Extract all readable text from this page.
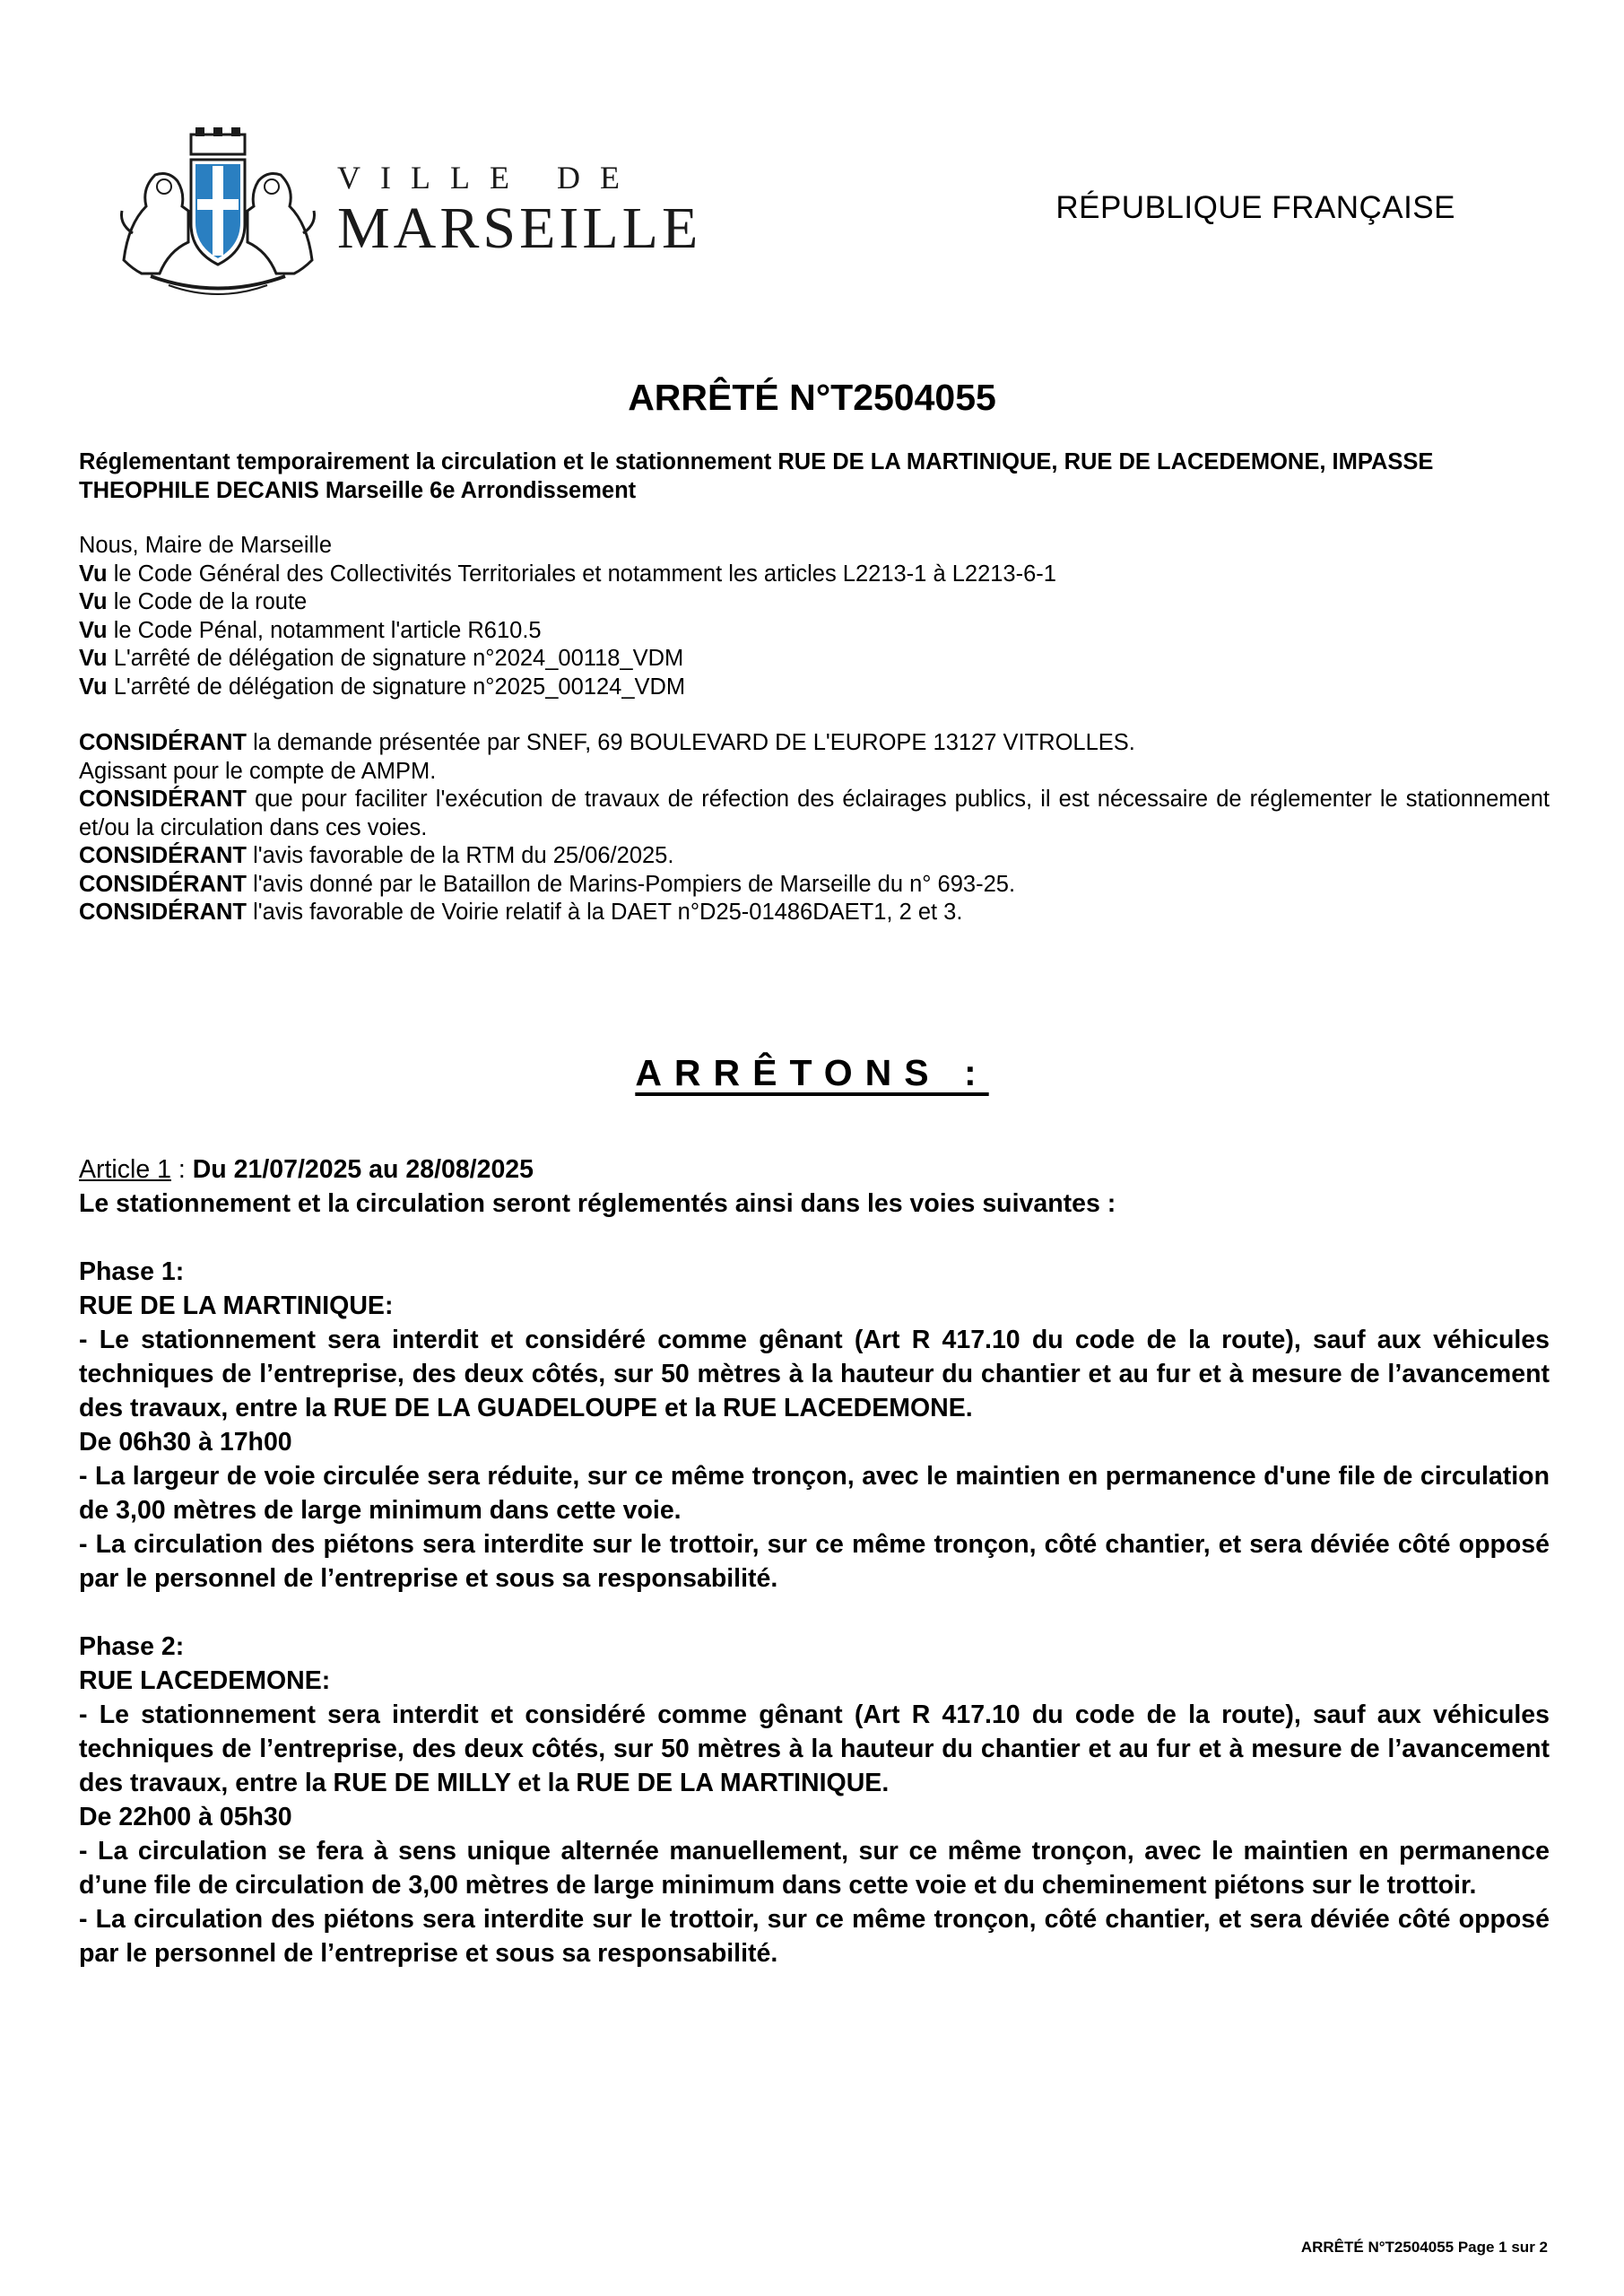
VILLE DE
MARSEILLE	RÉPUBLIQUE FRANÇAISE
ARRÊTÉ N°T2504055
Réglementant temporairement la circulation et le stationnement RUE DE LA MARTINIQUE, RUE DE LACEDEMONE, IMPASSE THEOPHILE DECANIS Marseille 6e Arrondissement

Nous, Maire de Marseille

Vu le Code Général des Collectivités Territoriales et notamment les articles L2213-1 à L2213-6-1

Vu le Code de la route

Vu le Code Pénal, notamment l'article R610.5

Vu L'arrêté de délégation de signature n°2024_00118_VDM

Vu L'arrêté de délégation de signature n°2025_00124_VDM

CONSIDÉRANT la demande présentée par SNEF, 69 BOULEVARD DE L'EUROPE 13127 VITROLLES.

Agissant pour le compte de AMPM.

CONSIDÉRANT que pour faciliter l'exécution de travaux de réfection des éclairages publics, il est nécessaire de réglementer le stationnement et/ou la circulation dans ces voies.

CONSIDÉRANT l'avis favorable de la RTM du 25/06/2025.

CONSIDÉRANT l'avis donné par le Bataillon de Marins-Pompiers de Marseille du n° 693-25.

CONSIDÉRANT l'avis favorable de Voirie relatif à la DAET n°D25-01486DAET1, 2 et 3.

ARRÊTONS :

Article 1 : Du 21/07/2025 au 28/08/2025

Le stationnement et la circulation seront réglementés ainsi dans les voies suivantes :

Phase 1:

RUE DE LA MARTINIQUE:

- Le stationnement sera interdit et considéré comme gênant (Art R 417.10 du code de la route), sauf aux véhicules techniques de l’entreprise, des deux côtés, sur 50 mètres à la hauteur du chantier et au fur et à mesure de l’avancement des travaux, entre la RUE DE LA GUADELOUPE et la RUE LACEDEMONE.

De 06h30 à 17h00

- La largeur de voie circulée sera réduite, sur ce même tronçon, avec le maintien en permanence d'une file de circulation de 3,00 mètres de large minimum dans cette voie.

- La circulation des piétons sera interdite sur le trottoir, sur ce même tronçon, côté chantier, et sera déviée côté opposé par le personnel de l’entreprise et sous sa responsabilité.

Phase 2:

RUE LACEDEMONE:

- Le stationnement sera interdit et considéré comme gênant (Art R 417.10 du code de la route), sauf aux véhicules techniques de l’entreprise, des deux côtés, sur 50 mètres à la hauteur du chantier et au fur et à mesure de l’avancement des travaux, entre la RUE DE MILLY et la RUE DE LA MARTINIQUE.

De 22h00 à 05h30

- La circulation se fera à sens unique alternée manuellement, sur ce même tronçon, avec le maintien en permanence d’une file de circulation de 3,00 mètres de large minimum dans cette voie et du cheminement piétons sur le trottoir.

- La circulation des piétons sera interdite sur le trottoir, sur ce même tronçon, côté chantier, et sera déviée côté opposé par le personnel de l’entreprise et sous sa responsabilité.

ARRÊTÉ N°T2504055 Page 1 sur 2
